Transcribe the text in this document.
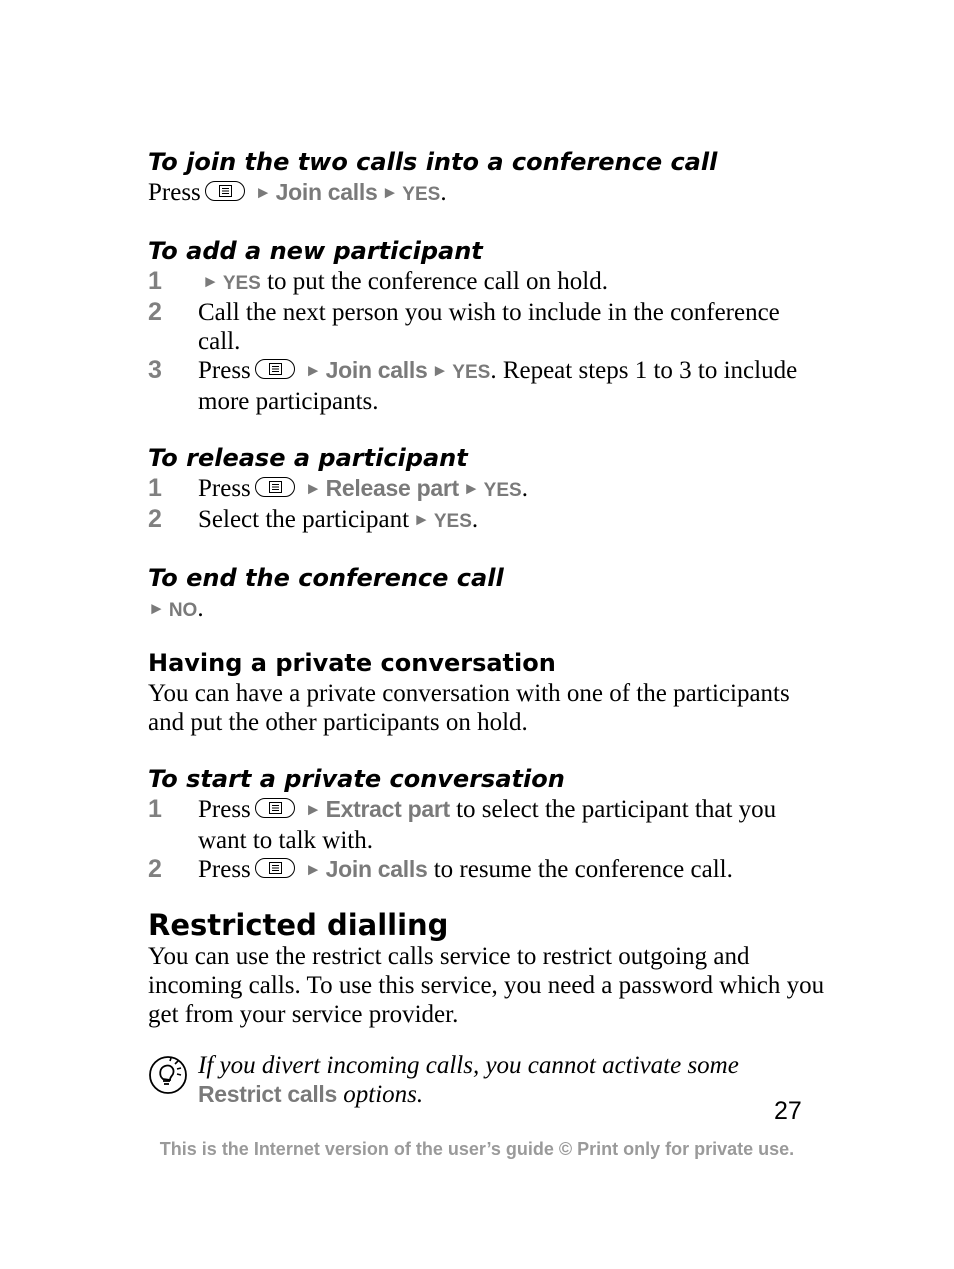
To join the two calls into a conference call

Press	► Join calls ► YES.

To add a new participant
1	► YES to put the conference call on hold.
2	Call the next person you wish to include in the conference call.
3	Press	► Join calls ► YES. Repeat steps 1 to 3 to include more participants.
To release a participant
1	Press	► Release part ► YES.
2	Select the participant ► YES.
To end the conference call

► NO.

Having a private conversation

You can have a private conversation with one of the participants and put the other participants on hold.

To start a private conversation
1	Press	► Extract part to select the participant that you want to talk with.
2	Press	► Join calls to resume the conference call.
Restricted dialling

You can use the restrict calls service to restrict outgoing and incoming calls. To use this service, you need a password which you get from your service provider.

If you divert incoming calls, you cannot activate some Restrict calls options.
27
This is the Internet version of the user’s guide © Print only for private use.
